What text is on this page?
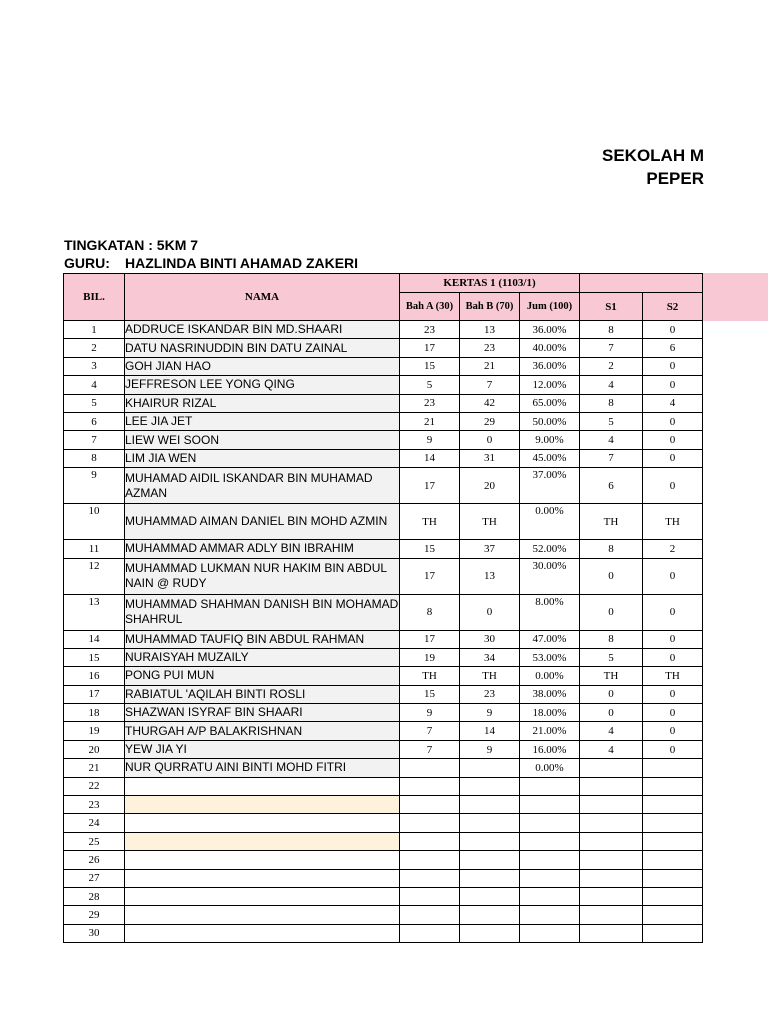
SEKOLAH M
PEPER
TINGKATAN : 5KM 7
GURU: HAZLINDA BINTI AHAMAD ZAKERI
BIL.	NAMA	KERTAS 1 (1103/1)				
		Bah A (30)	Bah B (70)	Jum (100)	S1	S2
1	ADDRUCE ISKANDAR BIN MD.SHAARI	23	13	36.00%	8	0
2	DATU NASRINUDDIN BIN DATU ZAINAL	17	23	40.00%	7	6
3	GOH JIAN HAO	15	21	36.00%	2	0
4	JEFFRESON LEE YONG QING	5	7	12.00%	4	0
5	KHAIRUR RIZAL	23	42	65.00%	8	4
6	LEE JIA JET	21	29	50.00%	5	0
7	LIEW WEI SOON	9	0	9.00%	4	0
8	LIM JIA WEN	14	31	45.00%	7	0
9	MUHAMAD AIDIL ISKANDAR BIN MUHAMAD AZMAN	17	20	37.00%	6	0
10	MUHAMMAD AIMAN DANIEL BIN MOHD AZMIN	TH	TH	0.00%	TH	TH
11	MUHAMMAD AMMAR ADLY BIN IBRAHIM	15	37	52.00%	8	2
12	MUHAMMAD LUKMAN NUR HAKIM BIN ABDUL NAIN @ RUDY	17	13	30.00%	0	0
13	MUHAMMAD SHAHMAN DANISH BIN MOHAMAD SHAHRUL	8	0	8.00%	0	0
14	MUHAMMAD TAUFIQ BIN ABDUL RAHMAN	17	30	47.00%	8	0
15	NURAISYAH MUZAILY	19	34	53.00%	5	0
16	PONG PUI MUN	TH	TH	0.00%	TH	TH
17	RABIATUL 'AQILAH BINTI ROSLI	15	23	38.00%	0	0
18	SHAZWAN ISYRAF BIN SHAARI	9	9	18.00%	0	0
19	THURGAH A/P BALAKRISHNAN	7	14	21.00%	4	0
20	YEW JIA YI	7	9	16.00%	4	0
21	NUR QURRATU AINI BINTI MOHD FITRI			0.00%		
22						
23						
24						
25						
26						
27						
28						
29						
30						
